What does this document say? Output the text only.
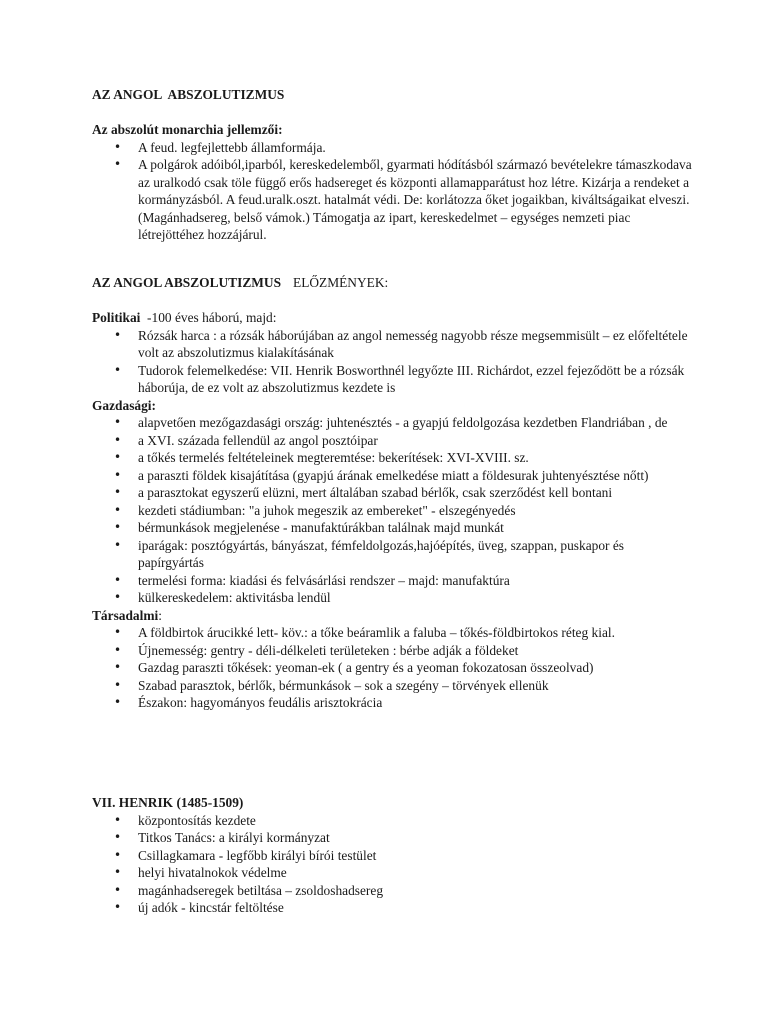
AZ ANGOL  ABSZOLUTIZMUS

Az abszolút monarchia jellemzői:

• A feud. legfejlettebb államformája.
• A polgárok adóiból,iparból, kereskedelemből, gyarmati hódításból származó bevételekre támaszkodava az uralkodó csak töle függő erős hadsereget és központi allamapparátust hoz létre. Kizárja a rendeket a kormányzásból. A feud.uralk.oszt. hatalmát védi. De: korlátozza őket jogaikban, kiváltságaikat elveszi. (Magánhadsereg, belső vámok.) Támogatja az ipart, kereskedelmet – egységes nemzeti piac létrejöttéhez hozzájárul.

AZ ANGOL ABSZOLUTIZMUS ELŐZMÉNYEK:

Politikai  -100 éves háború, majd:

• Rózsák harca : a rózsák háborújában az angol nemesség nagyobb része megsemmisült – ez előfeltétele volt az abszolutizmus kialakításának
• Tudorok felemelkedése: VII. Henrik Bosworthnél legyőzte III. Richárdot, ezzel fejeződött be a rózsák háborúja, de ez volt az abszolutizmus kezdete is

Gazdasági:

• alapvetően mezőgazdasági ország: juhtenésztés - a gyapjú feldolgozása kezdetben Flandriában , de
• a XVI. százada fellendül az angol posztóipar
• a tőkés termelés feltételeinek megteremtése: bekerítések: XVI-XVIII. sz.
• a paraszti földek kisajátítása (gyapjú árának emelkedése miatt a földesurak juhtenyésztése nőtt)
• a parasztokat egyszerű elüzni, mert általában szabad bérlők, csak szerződést kell bontani
• kezdeti stádiumban: "a juhok megeszik az embereket" - elszegényedés
• bérmunkások megjelenése - manufaktúrákban találnak majd munkát
• iparágak: posztógyártás, bányászat, fémfeldolgozás,hajóépítés, üveg, szappan, puskapor és papírgyártás
• termelési forma: kiadási és felvásárlási rendszer – majd: manufaktúra
• külkereskedelem: aktivitásba lendül

Társadalmi:

• A földbirtok árucikké lett- köv.: a tőke beáramlik a faluba – tőkés-földbirtokos réteg kial.
• Újnemesség: gentry - déli-délkeleti területeken : bérbe adják a földeket
• Gazdag paraszti tőkések: yeoman-ek ( a gentry és a yeoman fokozatosan összeolvad)
• Szabad parasztok, bérlők, bérmunkások – sok a szegény – törvények ellenük
• Északon: hagyományos feudális arisztokrácia

VII. HENRIK (1485-1509)

• központosítás kezdete
• Titkos Tanács: a királyi kormányzat
• Csillagkamara - legfőbb királyi bírói testület
• helyi hivatalnokok védelme
• magánhadseregek betiltása – zsoldoshadsereg
• új adók - kincstár feltöltése
